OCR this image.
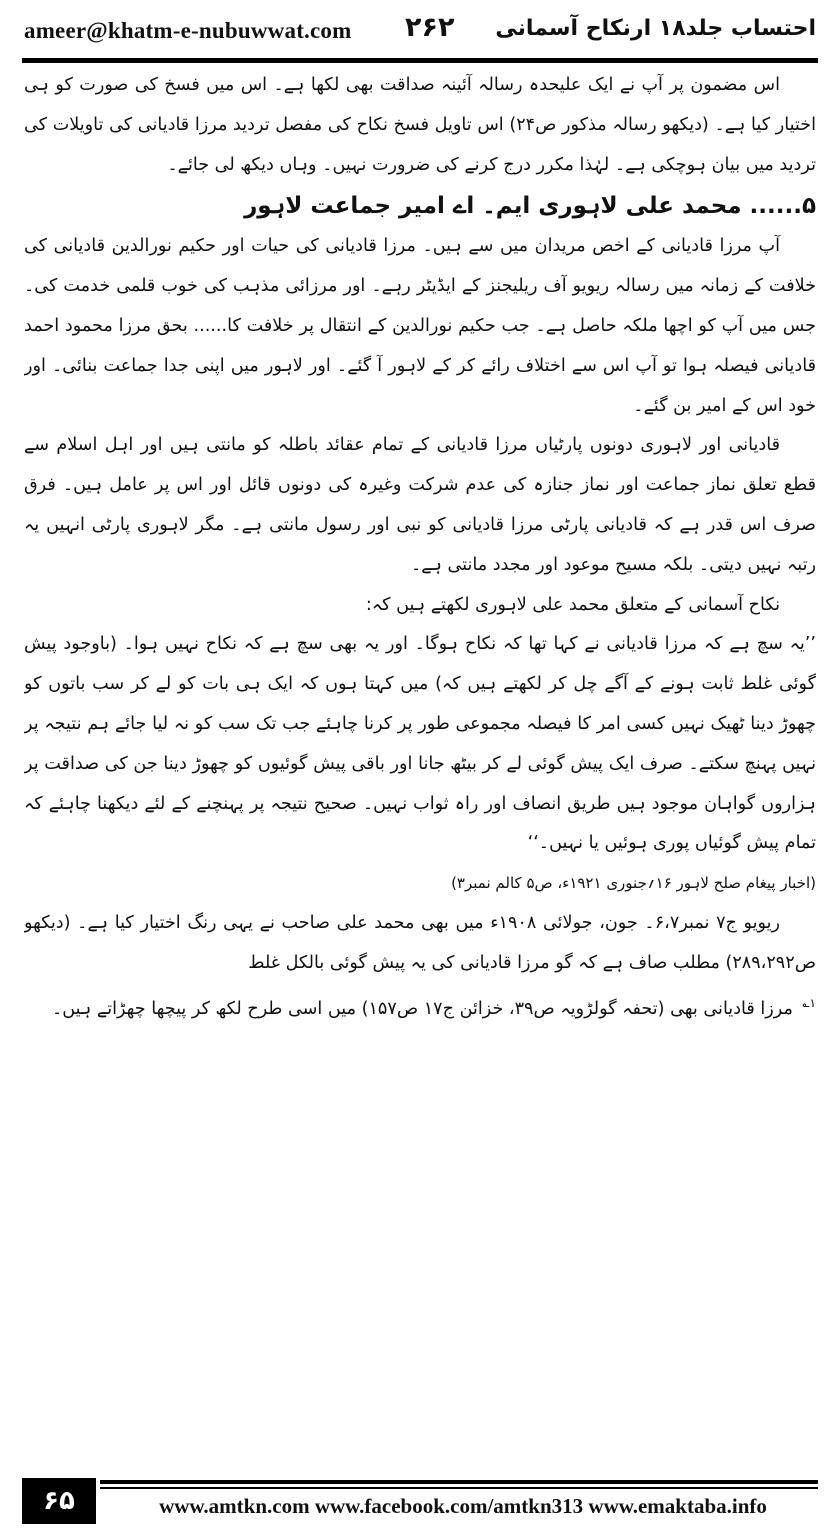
ameer@khatm-e-nubuwwat.com ۲۶۲ احتساب جلد۱۸ ارنکاح آسمانی

اس مضمون پر آپ نے ایک علیحدہ رسالہ آئینہ صداقت بھی لکھا ہے۔ اس میں فسخ کی صورت کو ہی اختیار کیا ہے۔ (دیکھو رسالہ مذکور ص۲۴) اس تاویل فسخ نکاح کی مفصل تردید مرزا قادیانی کی تاویلات کی تردید میں بیان ہوچکی ہے۔ لہٰذا مکرر درج کرنے کی ضرورت نہیں۔ وہاں دیکھ لی جائے۔

۵...... محمد علی لاہوری ایم۔ اے امیر جماعت لاہور

آپ مرزا قادیانی کے اخص مریدان میں سے ہیں۔ مرزا قادیانی کی حیات اور حکیم نورالدین قادیانی کی خلافت کے زمانہ میں رسالہ ریویو آف ریلیجنز کے ایڈیٹر رہے۔ اور مرزائی مذہب کی خوب قلمی خدمت کی۔ جس میں آپ کو اچھا ملکہ حاصل ہے۔ جب حکیم نورالدین کے انتقال پر خلافت کا...... بحق مرزا محمود احمد قادیانی فیصلہ ہوا تو آپ اس سے اختلاف رائے کر کے لاہور آ گئے۔ اور لاہور میں اپنی جدا جماعت بنائی۔ اور خود اس کے امیر بن گئے۔

قادیانی اور لاہوری دونوں پارٹیاں مرزا قادیانی کے تمام عقائد باطلہ کو مانتی ہیں اور اہل اسلام سے قطع تعلق نماز جماعت اور نماز جنازہ کی عدم شرکت وغیرہ کی دونوں قائل اور اس پر عامل ہیں۔ فرق صرف اس قدر ہے کہ قادیانی پارٹی مرزا قادیانی کو نبی اور رسول مانتی ہے۔ مگر لاہوری پارٹی انہیں یہ رتبہ نہیں دیتی۔ بلکہ مسیح موعود اور مجدد مانتی ہے۔

نکاح آسمانی کے متعلق محمد علی لاہوری لکھتے ہیں کہ:

’’یہ سچ ہے کہ مرزا قادیانی نے کہا تھا کہ نکاح ہوگا۔ اور یہ بھی سچ ہے کہ نکاح نہیں ہوا۔ (باوجود پیش گوئی غلط ثابت ہونے کے آگے چل کر لکھتے ہیں کہ) میں کہتا ہوں کہ ایک ہی بات کو لے کر سب باتوں کو چھوڑ دینا ٹھیک نہیں کسی امر کا فیصلہ مجموعی طور پر کرنا چاہئے جب تک سب کو نہ لیا جائے ہم نتیجہ پر نہیں پہنچ سکتے۔ صرف ایک پیش گوئی لے کر بیٹھ جانا اور باقی پیش گوئیوں کو چھوڑ دینا جن کی صداقت پر ہزاروں گواہان موجود ہیں طریق انصاف اور راہ ثواب نہیں۔ صحیح نتیجہ پر پہنچنے کے لئے دیکھنا چاہئے کہ تمام پیش گوئیاں پوری ہوئیں یا نہیں۔‘‘

(اخبار پیغام صلح لاہور ۱۶؍جنوری ۱۹۲۱ء، ص۵ کالم نمبر۳)

ریویو ج۷ نمبر۶،۷۔ جون، جولائی ۱۹۰۸ء میں بھی محمد علی صاحب نے یہی رنگ اختیار کیا ہے۔ (دیکھو ص۲۸۹،۲۹۲) مطلب صاف ہے کہ گو مرزا قادیانی کی یہ پیش گوئی بالکل غلط

$^{۱؎}$ مرزا قادیانی بھی (تحفہ گولڑویہ ص۳۹، خزائن ج۱۷ ص۱۵۷) میں اسی طرح لکھ کر پیچھا چھڑاتے ہیں۔

۶۵	www.amtkn.com www.facebook.com/amtkn313 www.emaktaba.info
